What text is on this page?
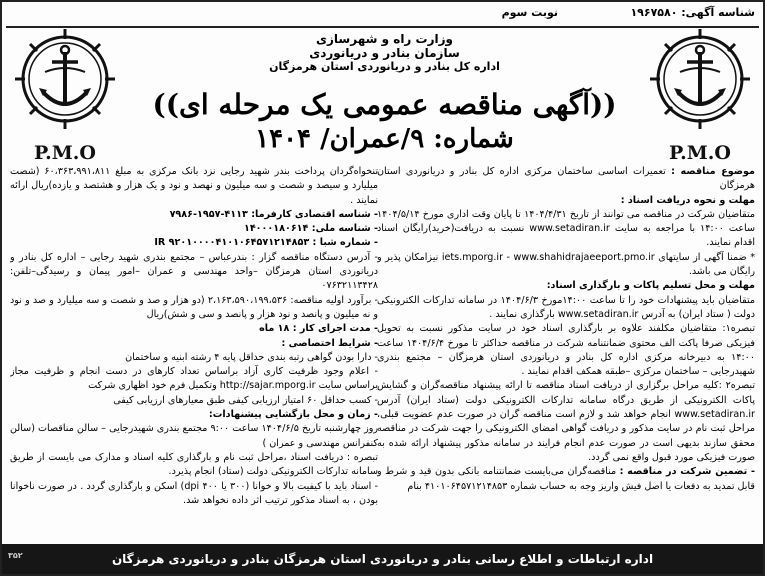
شناسه آگهی: ۱۹۶۷۵۸۰
نوبت سوم
P.M.O	P.M.O
وزارت راه و شهرسازی
سازمان بنادر و دریانوردی
اداره کل بنادر و دریانوردی استان هرمزگان
((آگهی مناقصه عمومی یک مرحله ای))
شماره: ۹/عمران/ ۱۴۰۴

موضوع مناقصه : تعمیرات اساسی ساختمان مرکزی اداره کل بنادر و دریانوردی استان هرمزگان

مهلت و نحوه دریافت اسناد :

متقاضیان شرکت در مناقصه می توانند از تاریخ ۱۴۰۴/۴/۳۱ تا پایان وقت اداری مورخ ۱۴۰۴/۵/۱۴ ساعت ۱۴:۰۰ با مراجعه به سایت www.setadiran.ir نسبت به دریافت(خرید)رایگان اسناد اقدام نمایند.

* ضمنا آگهی از سایتهای iets.mporg.ir - www.shahidrajaeeport.pmo.ir نیزامکان پذیر و رایگان می باشد.

مهلت و محل تسلیم پاکات و بارگذاری اسناد:

متقاضیان باید پیشنهادات خود را تا ساعت ۱۴:۰۰مورخ ۱۴۰۴/۶/۳ در سامانه تدارکات الکترونیکی دولت ( ستاد ایران) به آدرس www.setadiran.ir بارگذاری نمایند .

تبصره۱: متقاضیان مکلفند علاوه بر بارگذاری اسناد خود در سایت مذکور نسبت به تحویل فیزیکی صرفا پاکت الف محتوی ضمانتنامه شرکت در مناقصه حداکثر تا مورخ ۱۴۰۴/۶/۴ ساعت ۱۴:۰۰ به دبیرخانه مرکزی اداره کل بنادر و دریانوردی استان هرمزگان – مجتمع بندری شهیدرجایی – ساختمان مرکزی –طبقه همکف اقدام نمایند .

تبصره۲ :کلیه مراحل برگزاری از دریافت اسناد مناقصه تا ارائه پیشنهاد مناقصه‌گران و گشایش پاکات الکترونیکی از طریق درگاه سامانه تدارکات الکترونیکی دولت (ستاد ایران) آدرس www.setadiran.ir انجام خواهد شد و لازم است مناقصه گران در صورت عدم عضویت قبلی، مراحل ثبت نام در سایت مذکور و دریافت گواهی امضای الکترونیکی را جهت شرکت در مناقصه محقق سازند بدیهی است در صورت عدم انجام فرایند در سامانه مذکور پیشنهاد ارائه شده به صورت فیزیکی مورد قبول واقع نمی گردد.

- تضمین شرکت در مناقصه : مناقصه‌گران می‌بایست ضمانتنامه بانکی بدون قید و شرط و قابل تمدید به دفعات یا اصل فیش واریز وجه به حساب شماره ۴۱۰۱۰۶۴۵۷۱۲۱۴۸۵۳ بنام

تنخواه‌گردان پرداخت بندر شهید رجایی نزد بانک مرکزی به مبلغ ۶۰،۳۶۳،۹۹۱،۸۱۱ (شصت میلیارد و سیصد و شصت و سه میلیون و نهصد و نود و یک هزار و هشتصد و یازده)ریال ارائه نمایند .

- شناسه اقتصادی کارفرما: ۴۱۱۳-۱۹۵۷-۷۹۸۶

- شناسه ملی: ۱۴۰۰۰۱۸۰۶۱۴

- شماره شبا : IR ۹۲۰۱۰۰۰۰۴۱۰۱۰۶۴۵۷۱۲۱۴۸۵۳

- آدرس دستگاه مناقصه گزار : بندرعباس – مجتمع بندری شهید رجایی – اداره کل بنادر و دریانوردی استان هرمزگان –واحد مهندسی و عمران –امور پیمان و رسیدگی–تلفن: ۰۷۶۳۲۱۱۳۴۲۸

- برآورد اولیه مناقصه: ۲،۱۶۳،۵۹۰،۱۹۹،۵۳۶ (دو هزار و صد و شصت و سه میلیارد و صد و نود و نه میلیون و پانصد و نود هزار و پانصد و سی و شش)ریال

- مدت اجرای کار : ۱۸ ماه

- شرایط اختصاصی :

- دارا بودن گواهی رتبه بندی حداقل پایه ۴ رشته ابنیه و ساختمان

- اعلام وجود ظرفیت کاری آزاد براساس تعداد کارهای در دست انجام و ظرفیت مجاز براساس سایت http://sajar.mporg.ir وتکمیل فرم خود اظهاری شرکت

- کسب حداقل ۶۰ امتیاز ارزیابی کیفی طبق معیارهای ارزیابی کیفی

- زمان و محل بازگشایی پیشنهادات:

روز چهارشنبه تاریخ ۱۴۰۴/۶/۵ ساعت ۹:۰۰ مجتمع بندری شهیدرجایی – سالن مناقصات (سالن کنفرانس مهندسی و عمران )

تبصره : دریافت اسناد ،مراحل ثبت نام و بارگذاری کلیه اسناد و مدارک می بایست از طریق سامانه تدارکات الکترونیکی دولت (ستاد) انجام پذیرد.

- اسناد باید با کیفیت بالا و خوانا (۳۰۰ یا ۴۰۰ dpi) اسکن و بارگذاری گردد . در صورت ناخوانا بودن ، به اسناد مذکور ترتیب اثر داده نخواهد شد.

اداره ارتباطات و اطلاع رسانی بنادر و دریانوردی استان هرمزگان بنادر و دریانوردی هرمزگان
۳۵۲
